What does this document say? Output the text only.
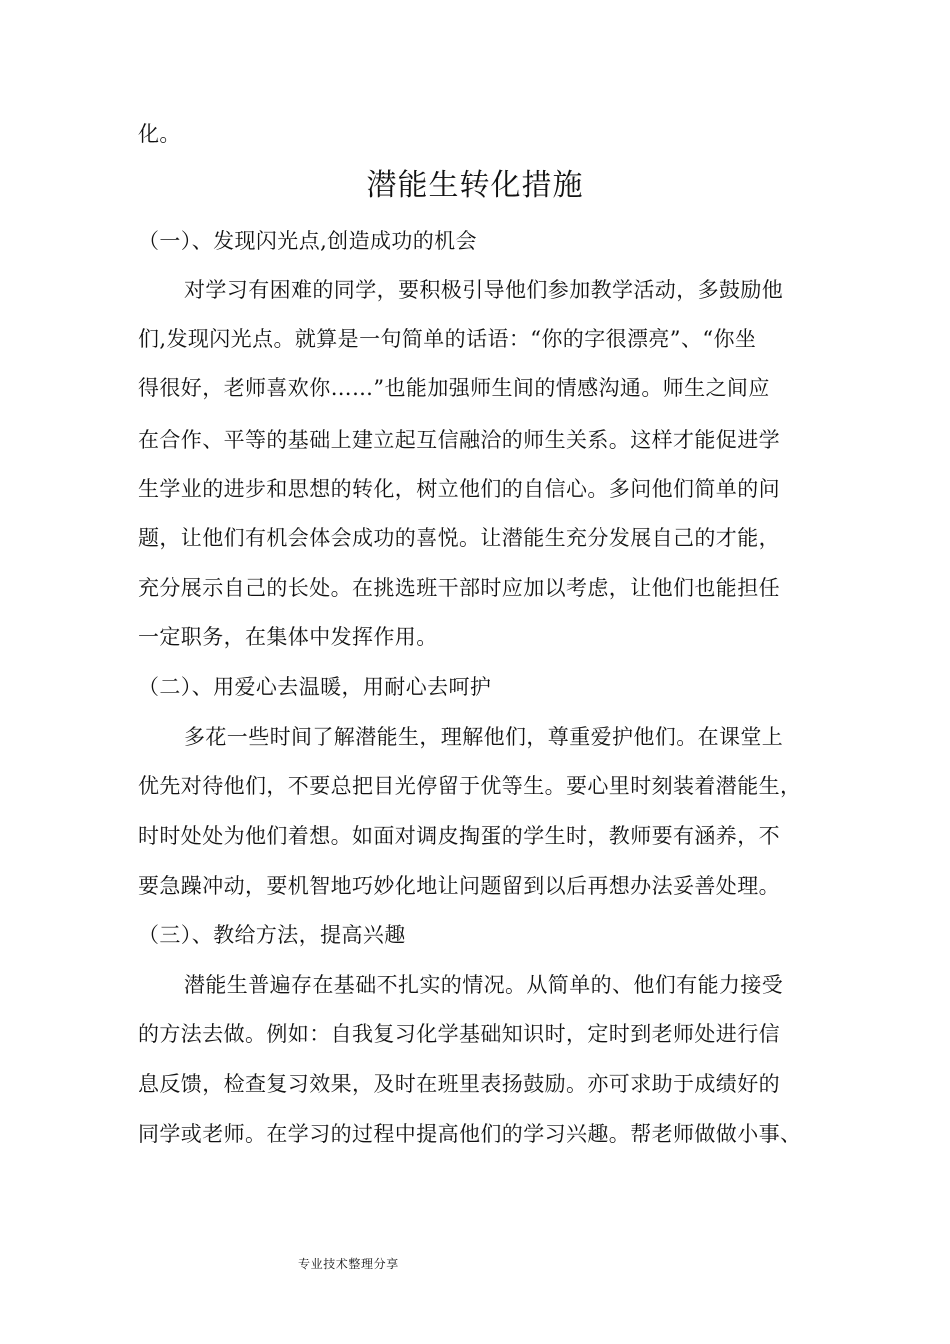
化。
潜能生转化措施
（一）、发现闪光点,创造成功的机会
对学习有困难的同学，要积极引导他们参加教学活动，多鼓励他
们,发现闪光点。就算是一句简单的话语：“你的字很漂亮”、“你坐
得很好，老师喜欢你……”也能加强师生间的情感沟通。师生之间应
在合作、平等的基础上建立起互信融洽的师生关系。这样才能促进学
生学业的进步和思想的转化，树立他们的自信心。多问他们简单的问
题，让他们有机会体会成功的喜悦。让潜能生充分发展自己的才能，
充分展示自己的长处。在挑选班干部时应加以考虑，让他们也能担任
一定职务，在集体中发挥作用。
（二）、用爱心去温暖，用耐心去呵护
多花一些时间了解潜能生，理解他们，尊重爱护他们。在课堂上
优先对待他们，不要总把目光停留于优等生。要心里时刻装着潜能生，
时时处处为他们着想。如面对调皮掏蛋的学生时，教师要有涵养，不
要急躁冲动，要机智地巧妙化地让问题留到以后再想办法妥善处理。
（三）、教给方法，提高兴趣
潜能生普遍存在基础不扎实的情况。从简单的、他们有能力接受
的方法去做。例如：自我复习化学基础知识时，定时到老师处进行信
息反馈，检查复习效果，及时在班里表扬鼓励。亦可求助于成绩好的
同学或老师。在学习的过程中提高他们的学习兴趣。帮老师做做小事、
专业技术整理分享
